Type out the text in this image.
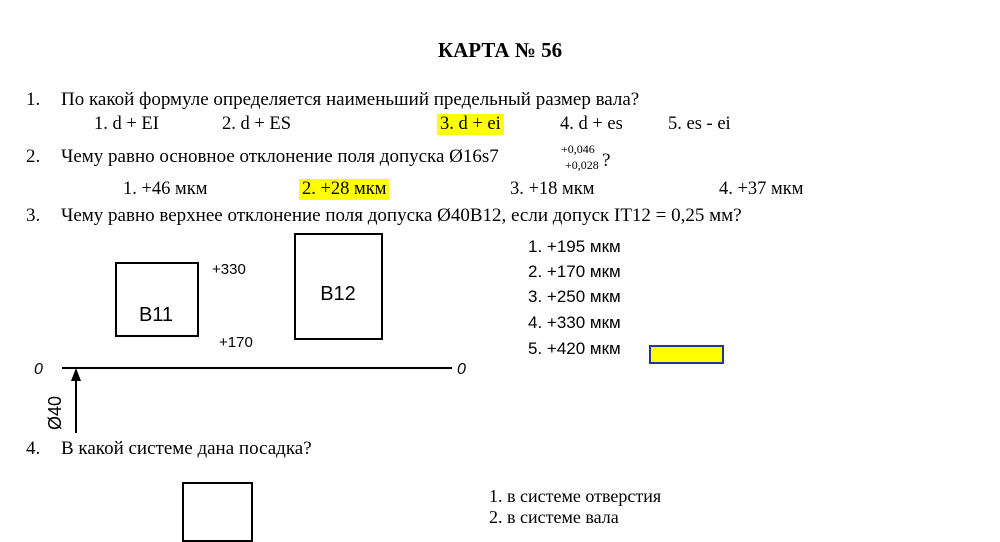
КАРТА № 56
1. По какой формуле определяется наименьший предельный размер вала?
1. d + EI	2. d + ES	3. d + ei	4. d + es 5. es - ei
2. Чему равно основное отклонение поля допуска Ø16s7	+0,046
+0,028 ?
1. +46 мкм	2. +28 мкм	3. +18 мкм	4. +37 мкм
3. Чему равно верхнее отклонение поля допуска Ø40В12, если допуск IT12 = 0,25 мм?
B11
B12
+330
+170
0	0
Ø40
1. +195 мкм
2. +170 мкм
3. +250 мкм
4. +330 мкм
5. +420 мкм
4. В какой системе дана посадка?
1. в системе отверстия
2. в системе вала
